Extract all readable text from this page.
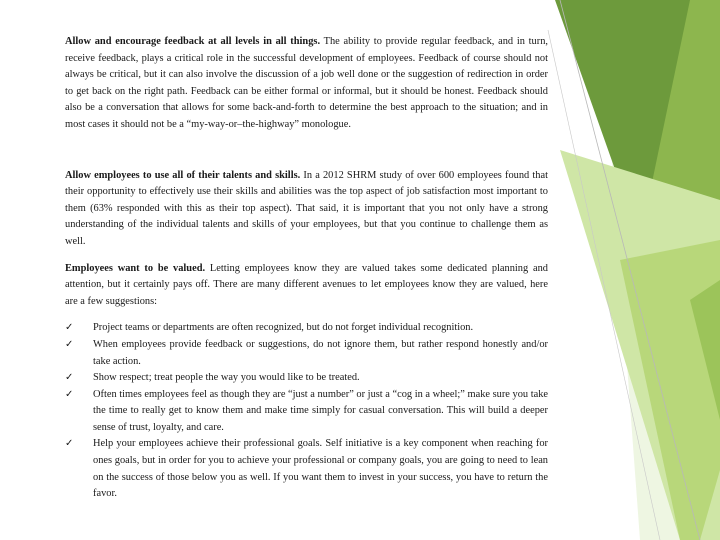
Allow and encourage feedback at all levels in all things. The ability to provide regular feedback, and in turn, receive feedback, plays a critical role in the successful development of employees. Feedback of course should not always be critical, but it can also involve the discussion of a job well done or the suggestion of redirection in order to get back on the right path. Feedback can be either formal or informal, but it should be honest. Feedback should also be a conversation that allows for some back-and-forth to determine the best approach to the situation; and in most cases it should not be a “my-way-or–the-highway” monologue.

Allow employees to use all of their talents and skills. In a 2012 SHRM study of over 600 employees found that their opportunity to effectively use their skills and abilities was the top aspect of job satisfaction most important to them (63% responded with this as their top aspect). That said, it is important that you not only have a strong understanding of the individual talents and skills of your employees, but that you continue to challenge them as well.

Employees want to be valued. Letting employees know they are valued takes some dedicated planning and attention, but it certainly pays off. There are many different avenues to let employees know they are valued, here are a few suggestions:

✓ Project teams or departments are often recognized, but do not forget individual recognition.
✓ When employees provide feedback or suggestions, do not ignore them, but rather respond honestly and/or take action.
✓ Show respect; treat people the way you would like to be treated.
✓ Often times employees feel as though they are “just a number” or just a “cog in a wheel;” make sure you take the time to really get to know them and make time simply for casual conversation. This will build a deeper sense of trust, loyalty, and care.
✓ Help your employees achieve their professional goals. Self initiative is a key component when reaching for ones goals, but in order for you to achieve your professional or company goals, you are going to need to lean on the success of those below you as well. If you want them to invest in your success, you have to return the favor.
